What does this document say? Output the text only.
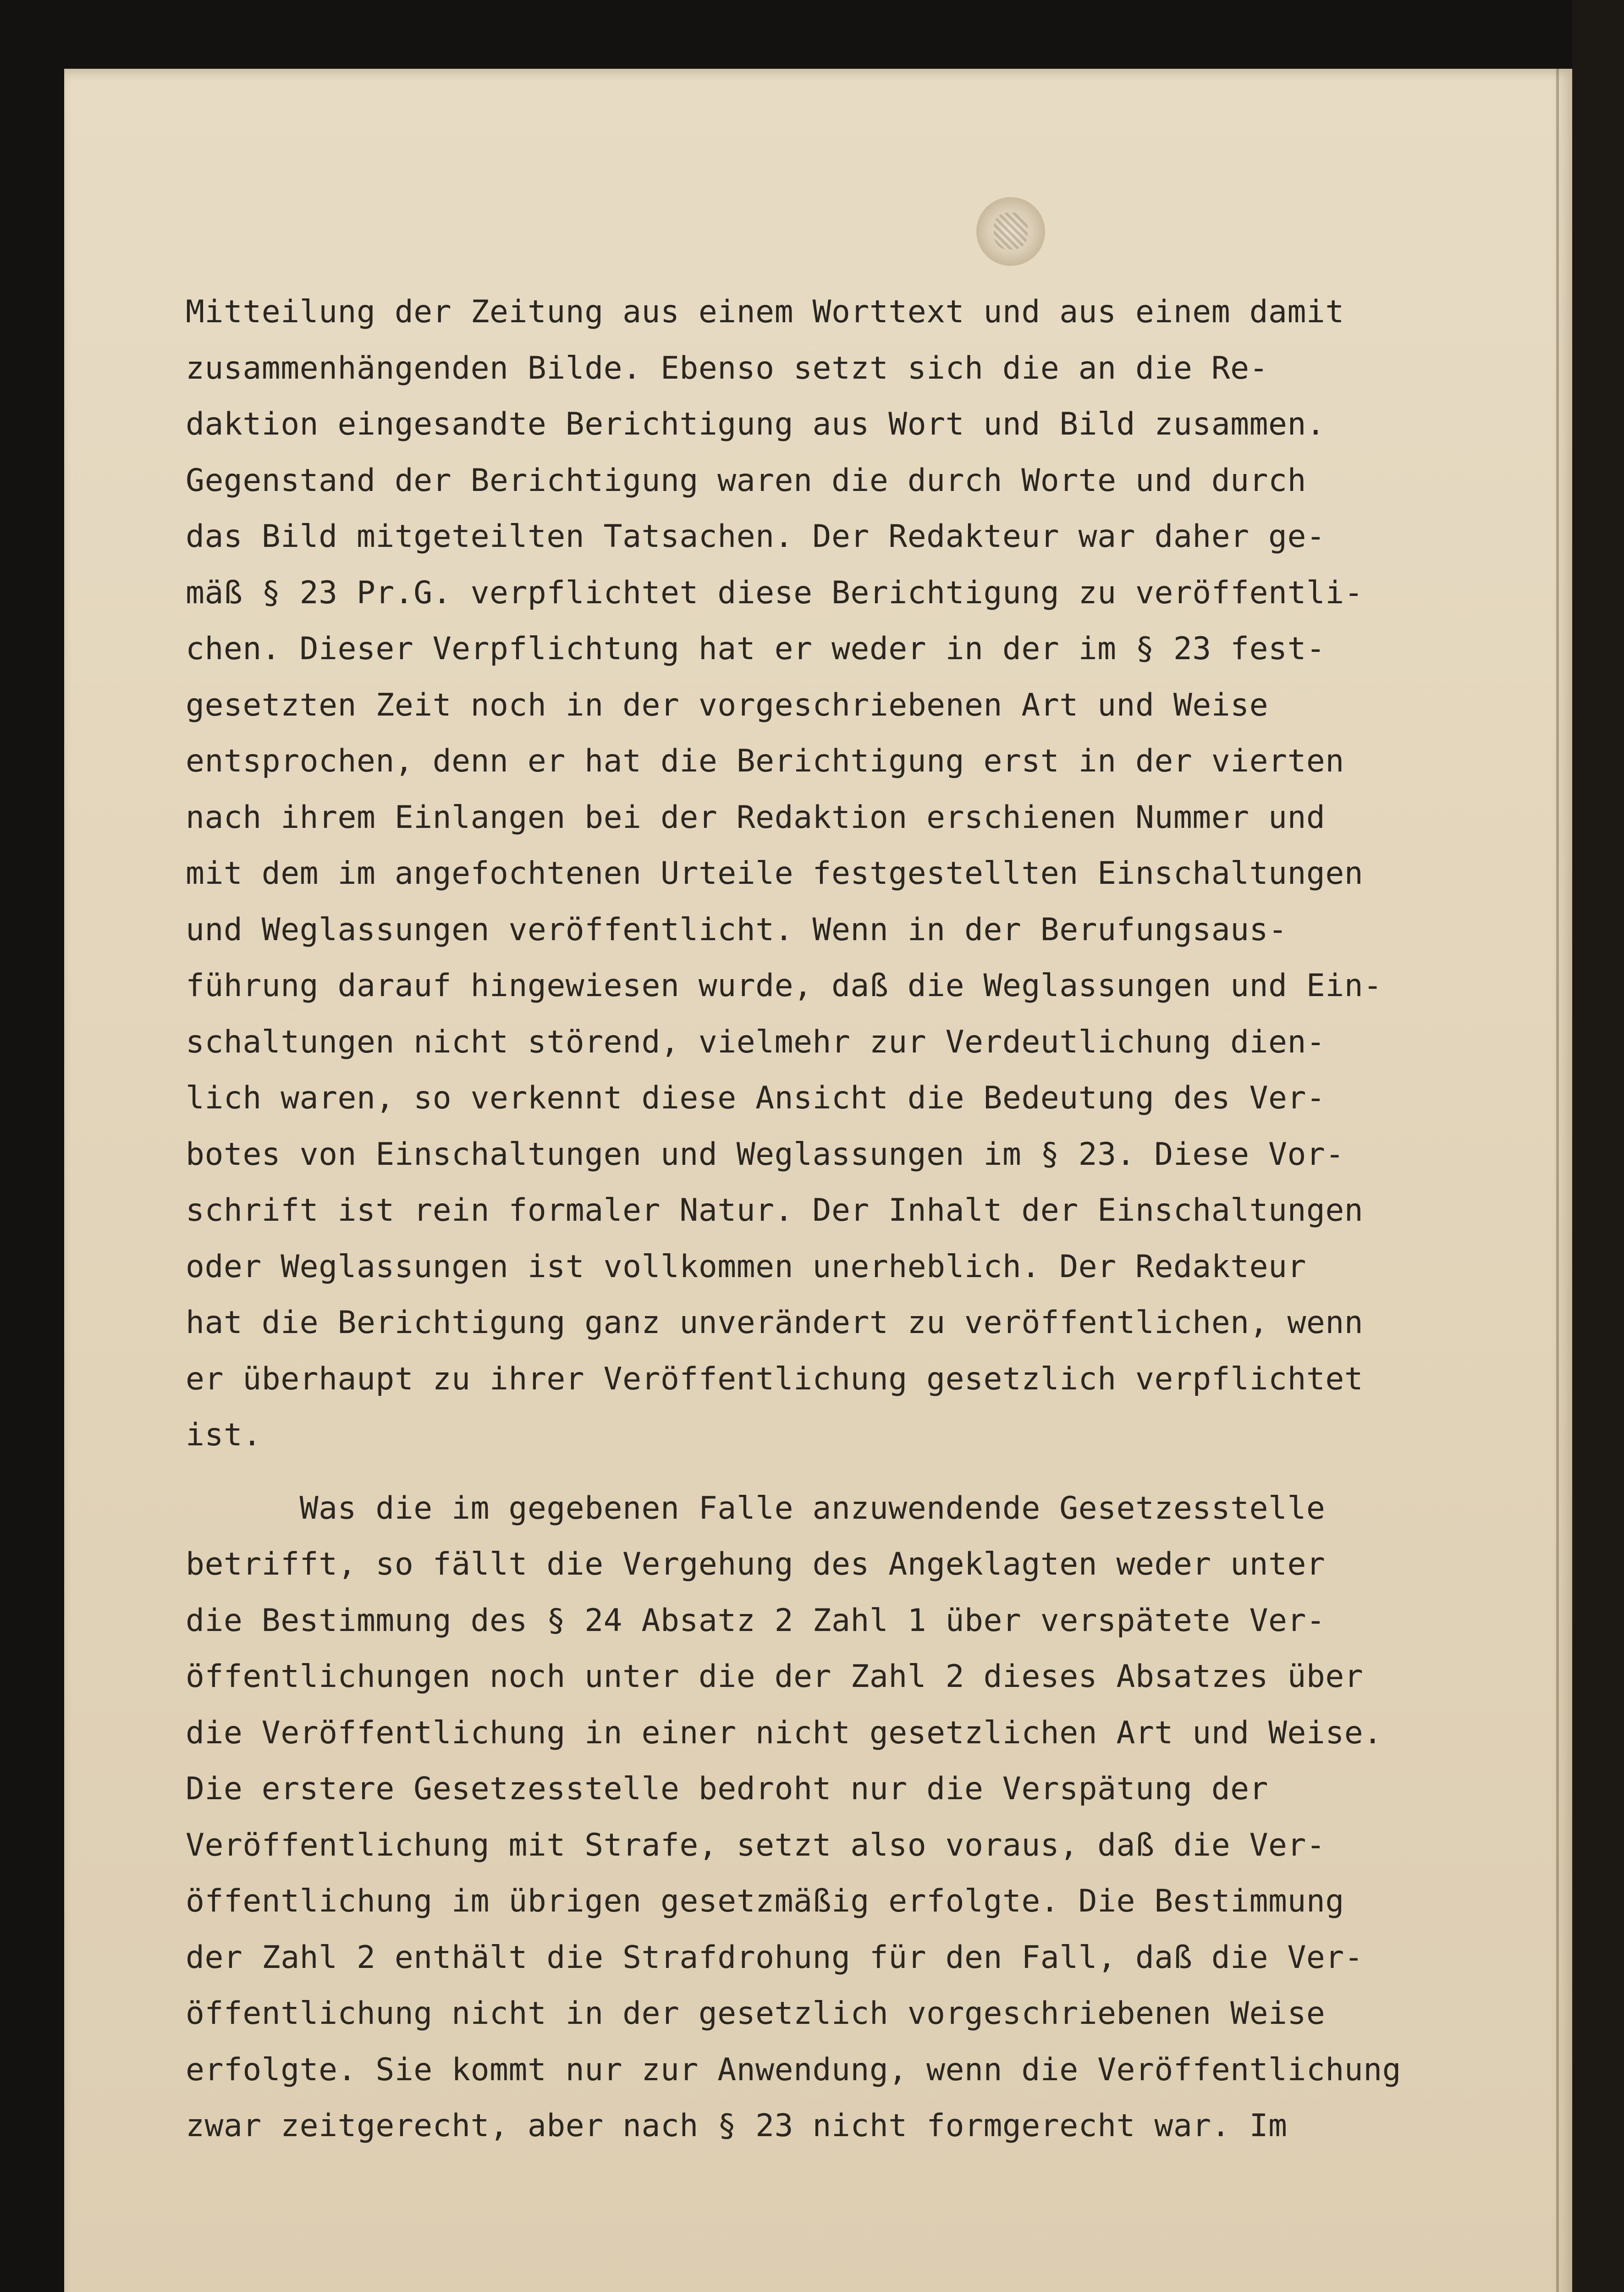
Mitteilung der Zeitung aus einem Worttext und aus einem damit
zusammenhängenden Bilde. Ebenso setzt sich die an die Re-
daktion eingesandte Berichtigung aus Wort und Bild zusammen.
Gegenstand der Berichtigung waren die durch Worte und durch
das Bild mitgeteilten Tatsachen. Der Redakteur war daher ge-
mäß § 23 Pr.G. verpflichtet diese Berichtigung zu veröffentli-
chen. Dieser Verpflichtung hat er weder in der im § 23 fest-
gesetzten Zeit noch in der vorgeschriebenen Art und Weise
entsprochen, denn er hat die Berichtigung erst in der vierten
nach ihrem Einlangen bei der Redaktion erschienen Nummer und
mit dem im angefochtenen Urteile festgestellten Einschaltungen
und Weglassungen veröffentlicht. Wenn in der Berufungsaus-
führung darauf hingewiesen wurde, daß die Weglassungen und Ein-
schaltungen nicht störend, vielmehr zur Verdeutlichung dien-
lich waren, so verkennt diese Ansicht die Bedeutung des Ver-
botes von Einschaltungen und Weglassungen im § 23. Diese Vor-
schrift ist rein formaler Natur. Der Inhalt der Einschaltungen
oder Weglassungen ist vollkommen unerheblich. Der Redakteur
hat die Berichtigung ganz unverändert zu veröffentlichen, wenn
er überhaupt zu ihrer Veröffentlichung gesetzlich verpflichtet
ist.
Was die im gegebenen Falle anzuwendende Gesetzesstelle
betrifft, so fällt die Vergehung des Angeklagten weder unter
die Bestimmung des § 24 Absatz 2 Zahl 1 über verspätete Ver-
öffentlichungen noch unter die der Zahl 2 dieses Absatzes über
die Veröffentlichung in einer nicht gesetzlichen Art und Weise.
Die erstere Gesetzesstelle bedroht nur die Verspätung der
Veröffentlichung mit Strafe, setzt also voraus, daß die Ver-
öffentlichung im übrigen gesetzmäßig erfolgte. Die Bestimmung
der Zahl 2 enthält die Strafdrohung für den Fall, daß die Ver-
öffentlichung nicht in der gesetzlich vorgeschriebenen Weise
erfolgte. Sie kommt nur zur Anwendung, wenn die Veröffentlichung
zwar zeitgerecht, aber nach § 23 nicht formgerecht war. Im
